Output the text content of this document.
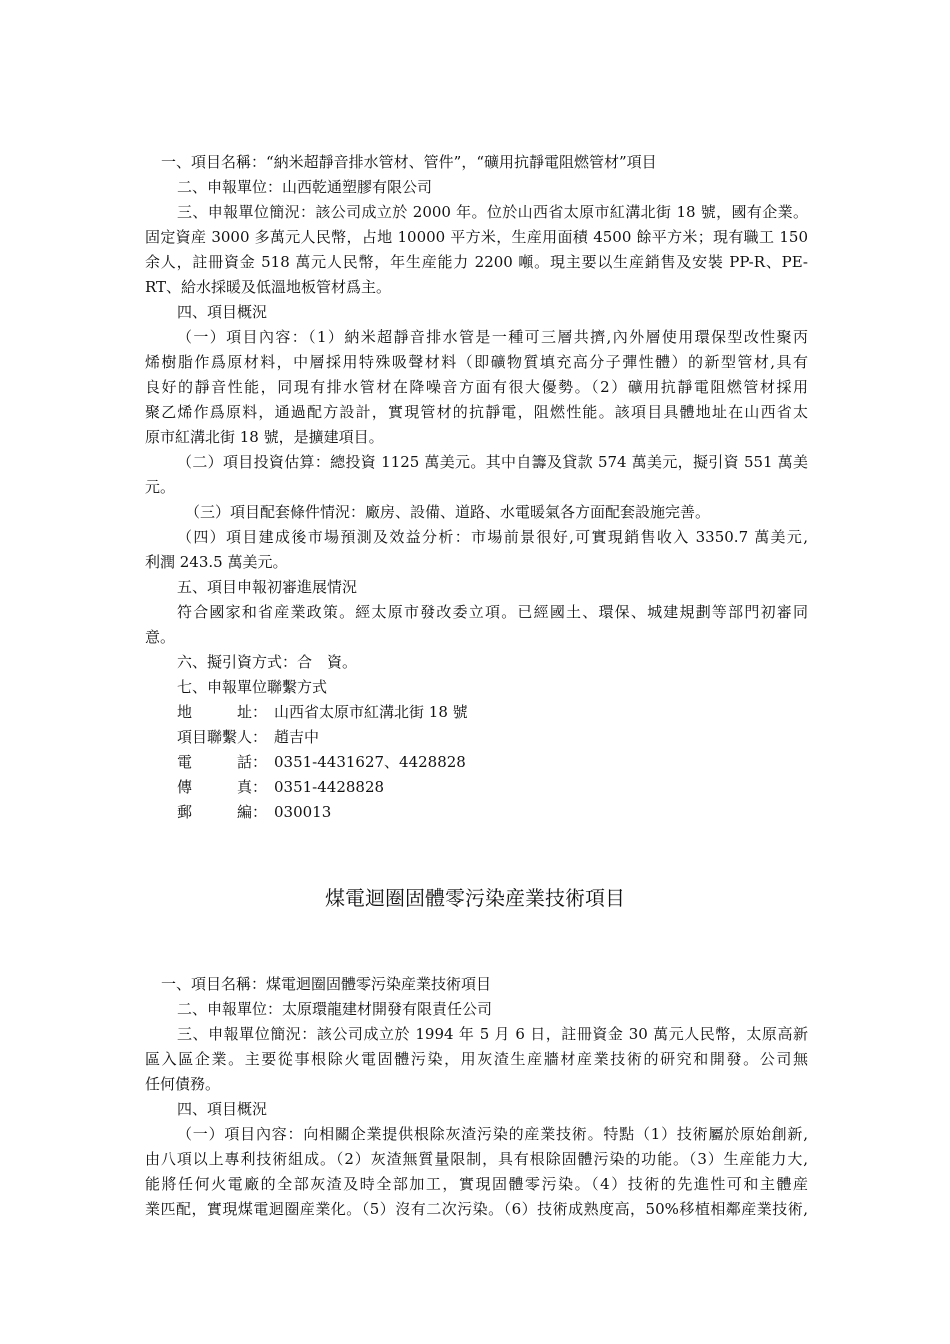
一、項目名稱：“納米超靜音排水管材、管件”，“礦用抗靜電阻燃管材”項目
二、申報單位：山西乾通塑膠有限公司
三、申報單位簡況：該公司成立於 2000 年。位於山西省太原市紅溝北街 18 號，國有企業。
固定資産 3000 多萬元人民幣，占地 10000 平方米，生産用面積 4500 餘平方米；現有職工 150
余人，註冊資金 518 萬元人民幣，年生産能力 2200 噸。現主要以生産銷售及安裝 PP-R、PE-
RT、給水採暖及低溫地板管材爲主。
四、項目概況
（一）項目內容：（1）納米超靜音排水管是一種可三層共擠,內外層使用環保型改性聚丙
烯樹脂作爲原材料，中層採用特殊吸聲材料（即礦物質填充高分子彈性體）的新型管材,具有
良好的靜音性能，同現有排水管材在降噪音方面有很大優勢。（2）礦用抗靜電阻燃管材採用
聚乙烯作爲原料，通過配方設計，實現管材的抗靜電，阻燃性能。該項目具體地址在山西省太
原市紅溝北街 18 號，是擴建項目。
（二）項目投資估算：總投資 1125 萬美元。其中自籌及貸款 574 萬美元，擬引資 551 萬美
元。
（三）項目配套條件情況：廠房、設備、道路、水電暖氣各方面配套設施完善。
（四）項目建成後市場預測及效益分析：市場前景很好,可實現銷售收入 3350.7 萬美元,
利潤 243.5 萬美元。
五、項目申報初審進展情況
符合國家和省産業政策。經太原市發改委立項。已經國土、環保、城建規劃等部門初審同
意。
六、擬引資方式：合　資。
七、申報單位聯繫方式
地　　　址： 山西省太原市紅溝北街 18 號
項目聯繫人： 趙吉中
電　　　話： 0351-4431627、4428828
傳　　　真： 0351-4428828
郵　　　編： 030013
煤電迴圈固體零污染産業技術項目
一、項目名稱：煤電迴圈固體零污染産業技術項目
二、申報單位：太原環龍建材開發有限責任公司
三、申報單位簡況：該公司成立於 1994 年 5 月 6 日，註冊資金 30 萬元人民幣，太原高新
區入區企業。主要從事根除火電固體污染，用灰渣生産牆材産業技術的研究和開發。公司無
任何債務。
四、項目概況
（一）項目內容：向相關企業提供根除灰渣污染的産業技術。特點（1）技術屬於原始創新,
由八項以上專利技術組成。（2）灰渣無質量限制，具有根除固體污染的功能。（3）生産能力大,
能將任何火電廠的全部灰渣及時全部加工，實現固體零污染。（4）技術的先進性可和主體産
業匹配，實現煤電迴圈産業化。（5）沒有二次污染。（6）技術成熟度高，50%移植相鄰産業技術,
